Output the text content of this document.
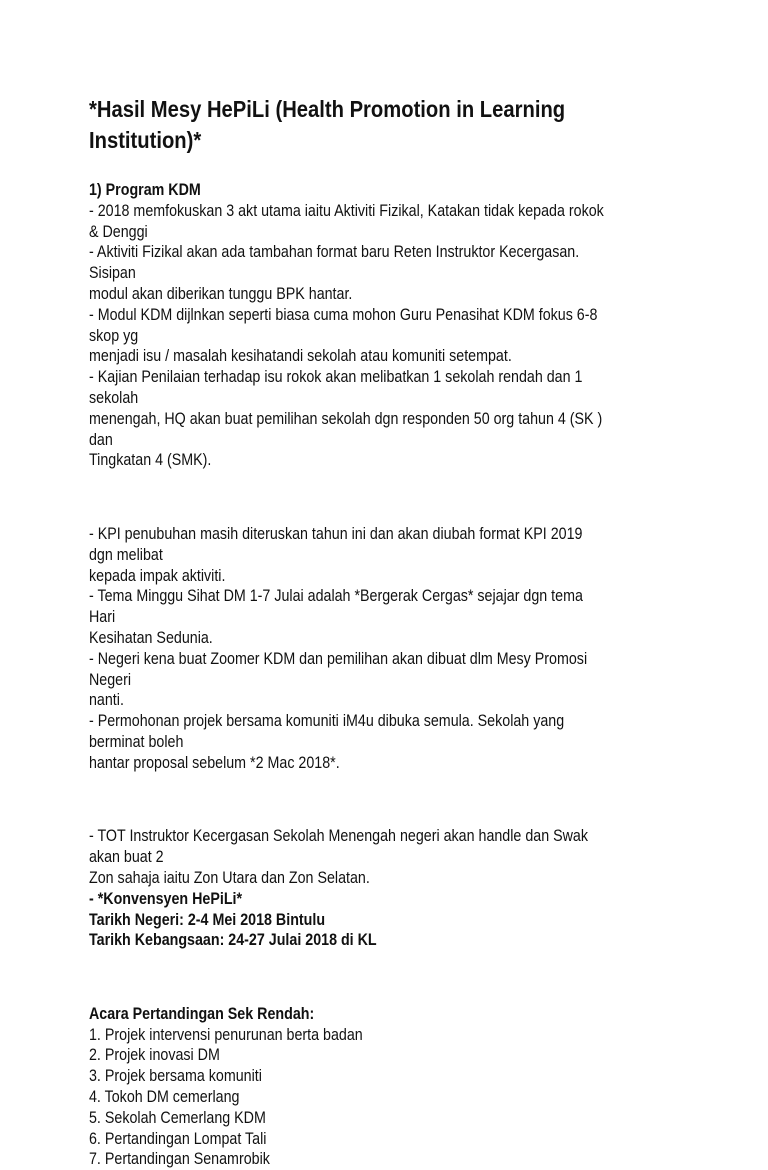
*Hasil Mesy HePiLi (Health Promotion in Learning Institution)*

1) Program KDM

- 2018 memfokuskan 3 akt utama iaitu Aktiviti Fizikal, Katakan tidak kepada rokok & Denggi

- Aktiviti Fizikal akan ada tambahan format baru Reten Instruktor Kecergasan. Sisipan

modul akan diberikan tunggu BPK hantar.

- Modul KDM dijlnkan seperti biasa cuma mohon Guru Penasihat KDM fokus 6-8 skop yg

menjadi isu / masalah kesihatandi sekolah atau komuniti setempat.

- Kajian Penilaian terhadap isu rokok akan melibatkan 1 sekolah rendah dan 1 sekolah

menengah, HQ akan buat pemilihan sekolah dgn responden 50 org tahun 4 (SK ) dan

Tingkatan 4 (SMK).

- KPI penubuhan masih diteruskan tahun ini dan akan diubah format KPI 2019 dgn melibat

kepada impak aktiviti.

- Tema Minggu Sihat DM 1-7 Julai adalah *Bergerak Cergas* sejajar dgn tema Hari

Kesihatan Sedunia.

- Negeri kena buat Zoomer KDM dan pemilihan akan dibuat dlm Mesy Promosi Negeri

nanti.

- Permohonan projek bersama komuniti iM4u dibuka semula. Sekolah yang berminat boleh

hantar proposal sebelum *2 Mac 2018*.

- TOT Instruktor Kecergasan Sekolah Menengah negeri akan handle dan Swak akan buat 2

Zon sahaja iaitu Zon Utara dan Zon Selatan.

- *Konvensyen HePiLi*

Tarikh Negeri: 2-4 Mei 2018 Bintulu

Tarikh Kebangsaan: 24-27 Julai 2018 di KL

Acara Pertandingan Sek Rendah:

1. Projek intervensi penurunan berta badan

2. Projek inovasi DM

3. Projek bersama komuniti

4. Tokoh DM cemerlang

5. Sekolah Cemerlang KDM

6. Pertandingan Lompat Tali

7. Pertandingan Senamrobik
